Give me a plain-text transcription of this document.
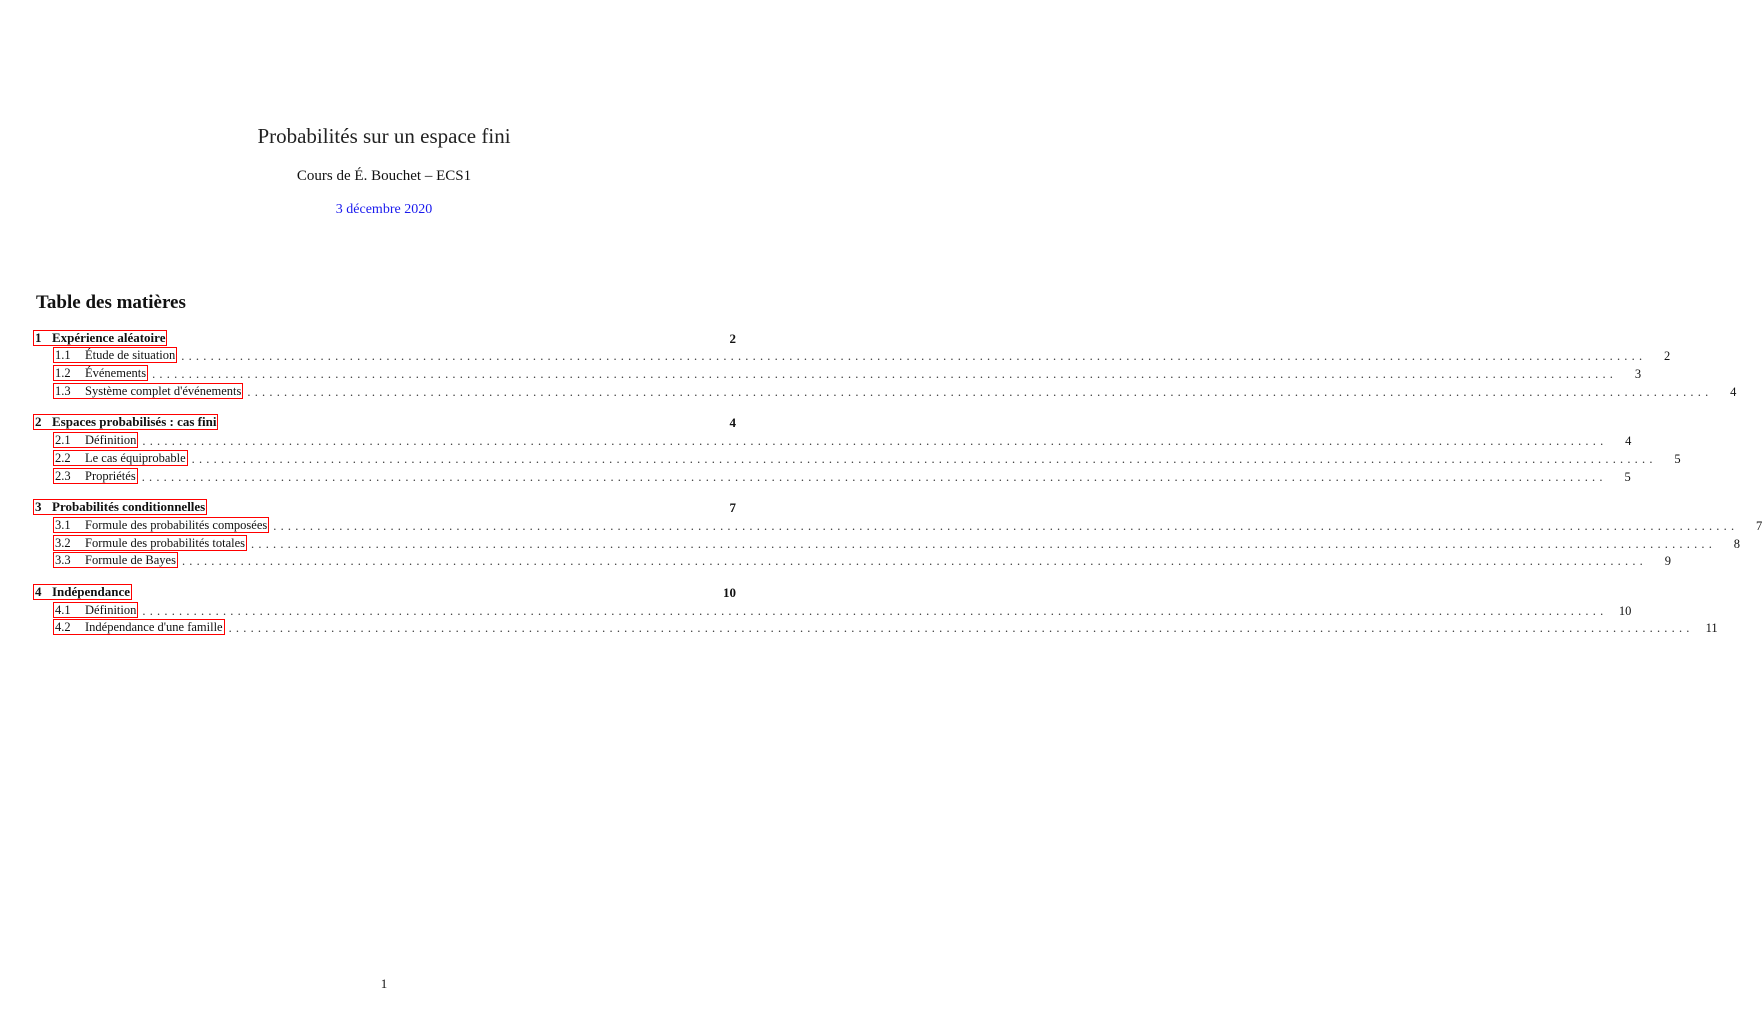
Probabilités sur un espace fini
Cours de É. Bouchet – ECS1
3 décembre 2020
Table des matières
1 Expérience aléatoire	2
1.1	Étude de situation ........................................................................................................................................................................................................	2
1.2	Événements ........................................................................................................................................................................................................	3
1.3	Système complet d'événements ........................................................................................................................................................................................................	4
2 Espaces probabilisés : cas fini	4
2.1	Définition ........................................................................................................................................................................................................	4
2.2	Le cas équiprobable ........................................................................................................................................................................................................	5
2.3	Propriétés ........................................................................................................................................................................................................	5
3 Probabilités conditionnelles	7
3.1	Formule des probabilités composées ........................................................................................................................................................................................................	7
3.2	Formule des probabilités totales ........................................................................................................................................................................................................	8
3.3	Formule de Bayes ........................................................................................................................................................................................................	9
4 Indépendance	10
4.1	Définition ........................................................................................................................................................................................................ 10
4.2	Indépendance d'une famille ........................................................................................................................................................................................................ 11
1
